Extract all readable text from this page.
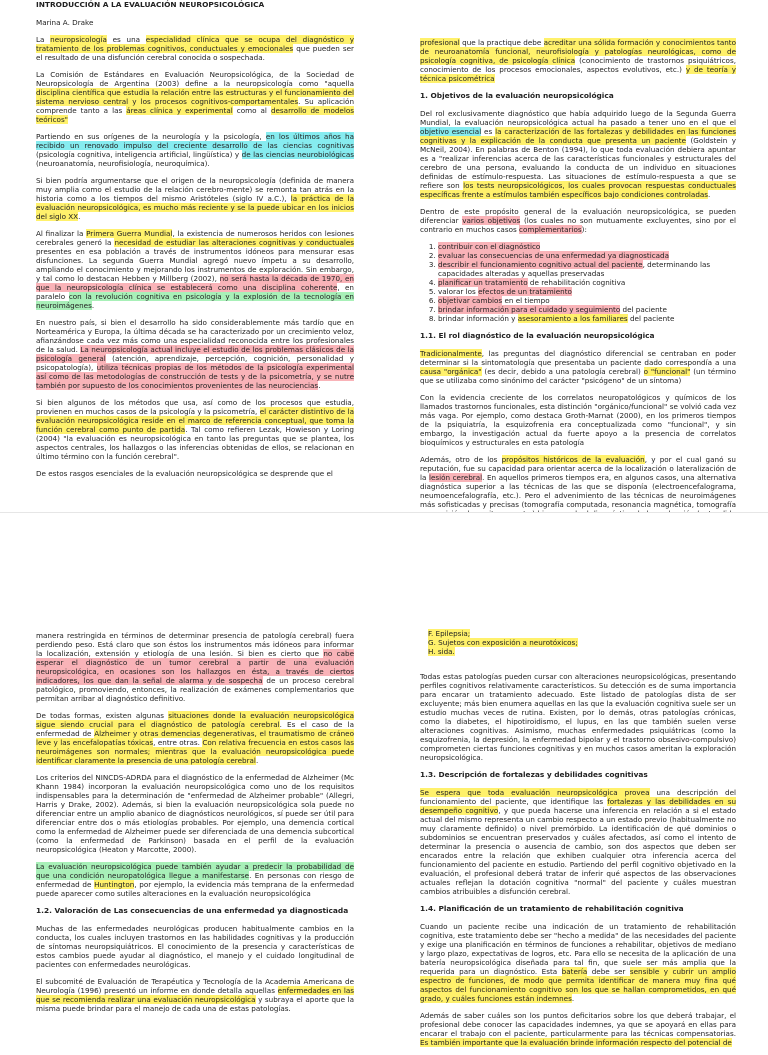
INTRODUCCIÓN A LA EVALUACIÓN NEUROPSICOLÓGICA

Marina A. Drake

La neuropsicología es una especialidad clínica que se ocupa del diagnóstico y tratamiento de los problemas cognitivos, conductuales y emocionales que pueden ser el resultado de una disfunción cerebral conocida o sospechada.

La Comisión de Estándares en Evaluación Neuropsicológica, de la Sociedad de Neuropsicología de Argentina (2003) define a la neuropsicología como "aquella disciplina científica que estudia la relación entre las estructuras y el funcionamiento del sistema nervioso central y los procesos cognitivos-comportamentales. Su aplicación comprende tanto a las áreas clínica y experimental como al desarrollo de modelos teóricos"

Partiendo en sus orígenes de la neurología y la psicología, en los últimos años ha recibido un renovado impulso del creciente desarrollo de las ciencias cognitivas (psicología cognitiva, inteligencia artificial, lingüística) y de las ciencias neurobiológicas (neuroanatomía, neurofisiología, neuroquímica).

Si bien podría argumentarse que el origen de la neuropsicología (definida de manera muy amplia como el estudio de la relación cerebro-mente) se remonta tan atrás en la historia como a los tiempos del mismo Aristóteles (siglo IV a.C.), la práctica de la evaluación neuropsicológica, es mucho más reciente y se la puede ubicar en los inicios del siglo XX.

Al finalizar la Primera Guerra Mundial, la existencia de numerosos heridos con lesiones cerebrales generó la necesidad de estudiar las alteraciones cognitivas y conductuales presentes en esa población a través de instrumentos idóneos para mensurar esas disfunciones. La segunda Guerra Mundial agregó nuevo ímpetu a su desarrollo, ampliando el conocimiento y mejorando los instrumentos de exploración. Sin embargo, y tal como lo destacan Hebben y Millberg (2002), no será hasta la década de 1970, en que la neuropsicología clínica se establecerá como una disciplina coherente, en paralelo con la revolución cognitiva en psicología y la explosión de la tecnología en neuroimágenes.

En nuestro país, si bien el desarrollo ha sido considerablemente más tardío que en Norteamérica y Europa, la última década se ha caracterizado por un crecimiento veloz, afianzándose cada vez más como una especialidad reconocida entre los profesionales de la salud. La neuropsicología actual incluye el estudio de los problemas clásicos de la psicología general (atención, aprendizaje, percepción, cognición, personalidad y psicopatología), utiliza técnicas propias de los métodos de la psicología experimental así como de las metodologías de construcción de tests y de la psicometría, y se nutre también por supuesto de los conocimientos provenientes de las neurociencias.

Si bien algunos de los métodos que usa, así como de los procesos que estudia, provienen en muchos casos de la psicología y la psicometría, el carácter distintivo de la evaluación neuropsicológica reside en el marco de referencia conceptual, que toma la función cerebral como punto de partida. Tal como refieren Lezak, Howieson y Loring (2004) "la evaluación es neuropsicológica en tanto las preguntas que se plantea, los aspectos centrales, los hallazgos o las inferencias obtenidas de ellos, se relacionan en último término con la función cerebral".

De estos rasgos esenciales de la evaluación neuropsicológica se desprende que el

profesional que la practique debe acreditar una sólida formación y conocimientos tanto de neuroanatomía funcional, neurofisiología y patologías neurológicas, como de psicología cognitiva, de psicología clínica (conocimiento de trastornos psiquiátricos, conocimiento de los procesos emocionales, aspectos evolutivos, etc.) y de teoría y técnica psicométrica

1. Objetivos de la evaluación neuropsicológica

Del rol exclusivamente diagnóstico que había adquirido luego de la Segunda Guerra Mundial, la evaluación neuropsicológica actual ha pasado a tener uno en el que el objetivo esencial es la caracterización de las fortalezas y debilidades en las funciones cognitivas y la explicación de la conducta que presenta un paciente (Goldstein y McNeil, 2004). En palabras de Benton (1994), lo que toda evaluación debiera apuntar es a "realizar inferencias acerca de las características funcionales y estructurales del cerebro de una persona, evaluando la conducta de un individuo en situaciones definidas de estímulo-respuesta. Las situaciones de estímulo-respuesta a que se refiere son los tests neuropsicológicos, los cuales provocan respuestas conductuales específicas frente a estímulos también específicos bajo condiciones controladas.

Dentro de este propósito general de la evaluación neuropsicológica, se pueden diferenciar varios objetivos (los cuales no son mutuamente excluyentes, sino por el contrario en muchos casos complementarios):

1. contribuir con el diagnóstico
2. evaluar las consecuencias de una enfermedad ya diagnosticada
3. describir el funcionamiento cognitivo actual del paciente, determinando las capacidades alteradas y aquellas preservadas
4. planificar un tratamiento de rehabilitación cognitiva
5. valorar los efectos de un tratamiento
6. objetivar cambios en el tiempo
7. brindar información para el cuidado y seguimiento del paciente
8. brindar información y asesoramiento a los familiares del paciente
1.1. El rol diagnóstico de la evaluación neuropsicológica

Tradicionalmente, las preguntas del diagnóstico diferencial se centraban en poder determinar si la sintomatología que presentaba un paciente dado correspondía a una causa "orgánica" (es decir, debido a una patología cerebral) o "funcional" (un término que se utilizaba como sinónimo del carácter "psicógeno" de un síntoma)

Con la evidencia creciente de los correlatos neuropatológicos y químicos de los llamados trastornos funcionales, esta distinción "orgánico/funcional" se volvió cada vez más vaga. Por ejemplo, como destaca Groth-Marnat (2000), en los primeros tiempos de la psiquiatría, la esquizofrenia era conceptualizada como "funcional", y sin embargo, la investigación actual da fuerte apoyo a la presencia de correlatos bioquímicos y estructurales en esta patología

Además, otro de los propósitos históricos de la evaluación, y por el cual ganó su reputación, fue su capacidad para orientar acerca de la localización o lateralización de la lesión cerebral. En aquellos primeros tiempos era, en algunos casos, una alternativa diagnóstica superior a las técnicas de las que se disponía (electroencefalograma, neumoencefalografía, etc.). Pero el advenimiento de las técnicas de neuroimágenes más sofisticadas y precisas (tomografía computada, resonancia magnética, tomografía

manera restringida en términos de determinar presencia de patología cerebral) fuera perdiendo peso. Está claro que son éstos los instrumentos más idóneos para informar la localización, extensión y etiología de una lesión. Si bien es cierto que no cabe esperar el diagnóstico de un tumor cerebral a partir de una evaluación neuropsicológica, en ocasiones son los hallazgos en ésta, a través de ciertos indicadores, los que dan la señal de alarma y de sospecha de un proceso cerebral patológico, promoviendo, entonces, la realización de exámenes complementarios que permitan arribar al diagnóstico definitivo.

De todas formas, existen algunas situaciones donde la evaluación neuropsicológica sigue siendo crucial para el diagnóstico de patología cerebral. Es el caso de la enfermedad de Alzheimer y otras demencias degenerativas, el traumatismo de cráneo leve y las encefalopatías tóxicas, entre otras. Con relativa frecuencia en estos casos las neuroimágenes son normales; mientras que la evaluación neuropsicológica puede identificar claramente la presencia de una patología cerebral.

Los criterios del NINCDS-ADRDA para el diagnóstico de la enfermedad de Alzheimer (Mc Khann 1984) incorporan la evaluación neuropsicológica como uno de los requisitos indispensables para la determinación de "enfermedad de Alzheimer probable" (Allegri, Harris y Drake, 2002). Además, si bien la evaluación neuropsicológica sola puede no diferenciar entre un amplio abanico de diagnósticos neurológicos, sí puede ser útil para diferenciar entre dos o más etiologías probables. Por ejemplo, una demencia cortical como la enfermedad de Alzheimer puede ser diferenciada de una demencia subcortical (como la enfermedad de Parkinson) basada en el perfil de la evaluación neuropsicológica (Heaton y Marcotte, 2000).

La evaluación neuropsicológica puede también ayudar a predecir la probabilidad de que una condición neuropatológica llegue a manifestarse. En personas con riesgo de enfermedad de Huntington, por ejemplo, la evidencia más temprana de la enfermedad puede aparecer como sutiles alteraciones en la evaluación neuropsicológica

1.2. Valoración de Las consecuencias de una enfermedad ya diagnosticada

Muchas de las enfermedades neurológicas producen habitualmente cambios en la conducta, los cuales incluyen trastornos en las habilidades cognitivas y la producción de síntomas neuropsiquiátricos. El conocimiento de la presencia y características de estos cambios puede ayudar al diagnóstico, el manejo y el cuidado longitudinal de pacientes con enfermedades neurológicas.

El subcomité de Evaluación de Terapéutica y Tecnología de la Academia Americana de Neurología (1996) presentó un informe en donde detalla aquellas enfermedades en las que se recomienda realizar una evaluación neuropsicológica y subraya el aporte que la misma puede brindar para el manejo de cada una de estas patologías.

F. Epilepsia;
G. Sujetos con exposición a neurotóxicos;
H. sida.

Todas estas patologías pueden cursar con alteraciones neuropsicológicas, presentando perfiles cognitivos relativamente característicos. Su detección es de suma importancia para encarar un tratamiento adecuado. Este listado de patologías dista de ser excluyente; más bien enumera aquellas en las que la evaluación cognitiva suele ser un estudio muchas veces de rutina. Existen, por lo demás, otras patologías crónicas, como la diabetes, el hipotiroidismo, el lupus, en las que también suelen verse alteraciones cognitivas. Asimismo, muchas enfermedades psiquiátricas (como la esquizofrenia, la depresión, la enfermedad bipolar y el trastorno obsesivo-compulsivo) comprometen ciertas funciones cognitivas y en muchos casos ameritan la exploración neuropsicológica.

1.3. Descripción de fortalezas y debilidades cognitivas

Se espera que toda evaluación neuropsicológica provea una descripción del funcionamiento del paciente, que identifique las fortalezas y las debilidades en su desempeño cognitivo, y que pueda hacerse una inferencia en relación a si el estado actual del mismo representa un cambio respecto a un estado previo (habitualmente no muy claramente definido) o nivel premórbido. La identificación de qué dominios o subdominios se encuentran preservados y cuáles afectados, así como el intento de determinar la presencia o ausencia de cambio, son dos aspectos que deben ser encarados entre la relación que exhiben cualquier otra inferencia acerca del funcionamiento del paciente en estudio. Partiendo del perfil cognitivo objetivado en la evaluación, el profesional deberá tratar de inferir qué aspectos de las observaciones actuales reflejan la dotación cognitiva "normal" del paciente y cuáles muestran cambios atribuibles a disfunción cerebral.

1.4. Planificación de un tratamiento de rehabilitación cognitiva

Cuando un paciente recibe una indicación de un tratamiento de rehabilitación cognitiva, este tratamiento debe ser "hecho a medida" de las necesidades del paciente y exige una planificación en términos de funciones a rehabilitar, objetivos de mediano y largo plazo, expectativas de logros, etc. Para ello se necesita de la aplicación de una batería neuropsicológica diseñada para tal fin, que suele ser más amplia que la requerida para un diagnóstico. Esta batería debe ser sensible y cubrir un amplio espectro de funciones, de modo que permita identificar de manera muy fina qué aspectos del funcionamiento cognitivo son los que se hallan comprometidos, en qué grado, y cuáles funciones están indemnes.

Además de saber cuáles son los puntos deficitarios sobre los que deberá trabajar, el profesional debe conocer las capacidades indemnes, ya que se apoyará en ellas para encarar el trabajo con el paciente, particularmente para las técnicas compensatorias. Es también importante que la evaluación brinde información respecto del potencial de
